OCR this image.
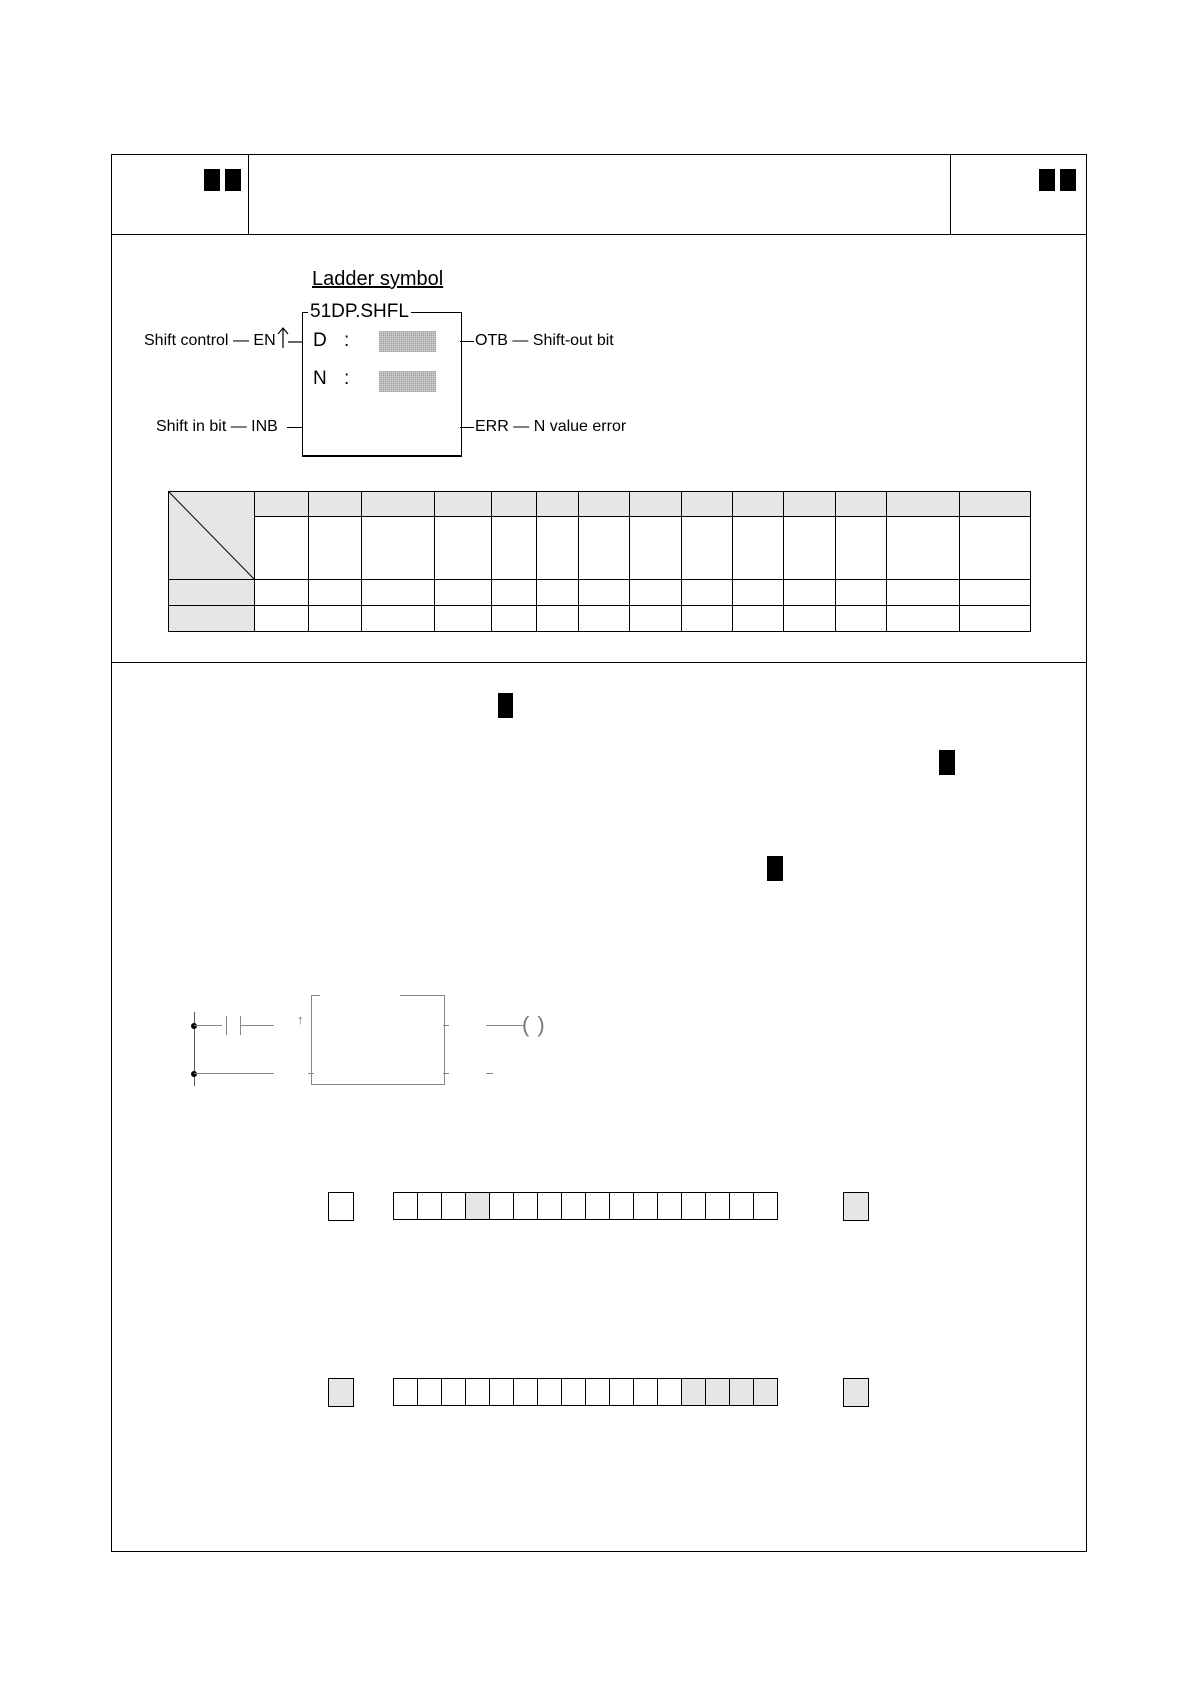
Ladder symbol
51DP.SHFL
D :
N :
Shift control — EN
Shift in bit — INB
OTB — Shift-out bit
ERR — N value error

↑	()
